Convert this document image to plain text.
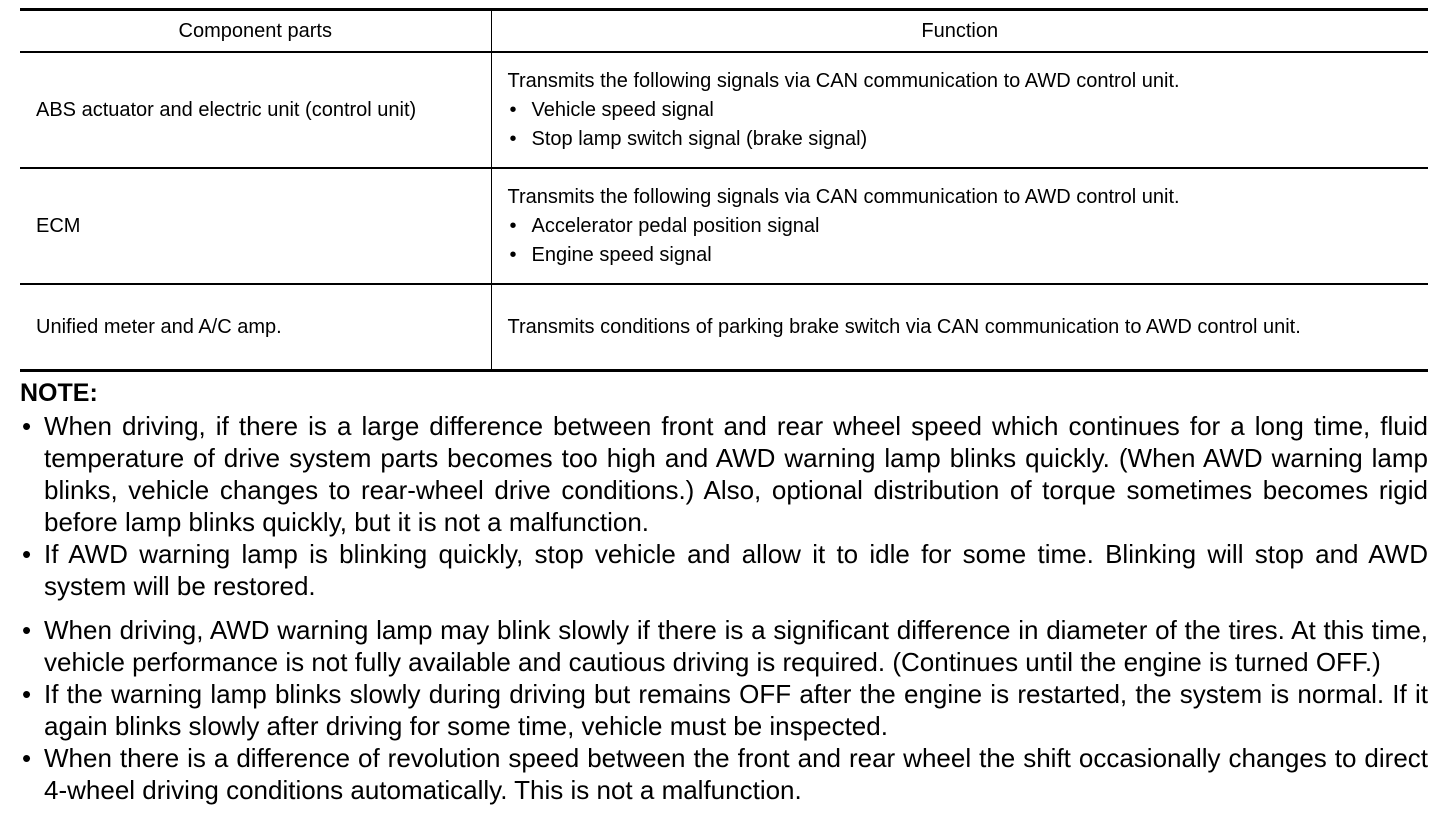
Component parts	Function
ABS actuator and electric unit (control unit)	Transmits the following signals via CAN communication to AWD control unit.
• Vehicle speed signal
• Stop lamp switch signal (brake signal)

ECM	Transmits the following signals via CAN communication to AWD control unit.
• Accelerator pedal position signal
• Engine speed signal

Unified meter and A/C amp.	Transmits conditions of parking brake switch via CAN communication to AWD control unit.
NOTE:
• When driving, if there is a large difference between front and rear wheel speed which continues for a long time, fluid temperature of drive system parts becomes too high and AWD warning lamp blinks quickly. (When AWD warning lamp blinks, vehicle changes to rear-wheel drive conditions.) Also, optional distribution of torque sometimes becomes rigid before lamp blinks quickly, but it is not a malfunction.
• If AWD warning lamp is blinking quickly, stop vehicle and allow it to idle for some time. Blinking will stop and AWD system will be restored.
• When driving, AWD warning lamp may blink slowly if there is a significant difference in diameter of the tires. At this time, vehicle performance is not fully available and cautious driving is required. (Continues until the engine is turned OFF.)
• If the warning lamp blinks slowly during driving but remains OFF after the engine is restarted, the system is normal. If it again blinks slowly after driving for some time, vehicle must be inspected.
• When there is a difference of revolution speed between the front and rear wheel the shift occasionally changes to direct 4-wheel driving conditions automatically. This is not a malfunction.
